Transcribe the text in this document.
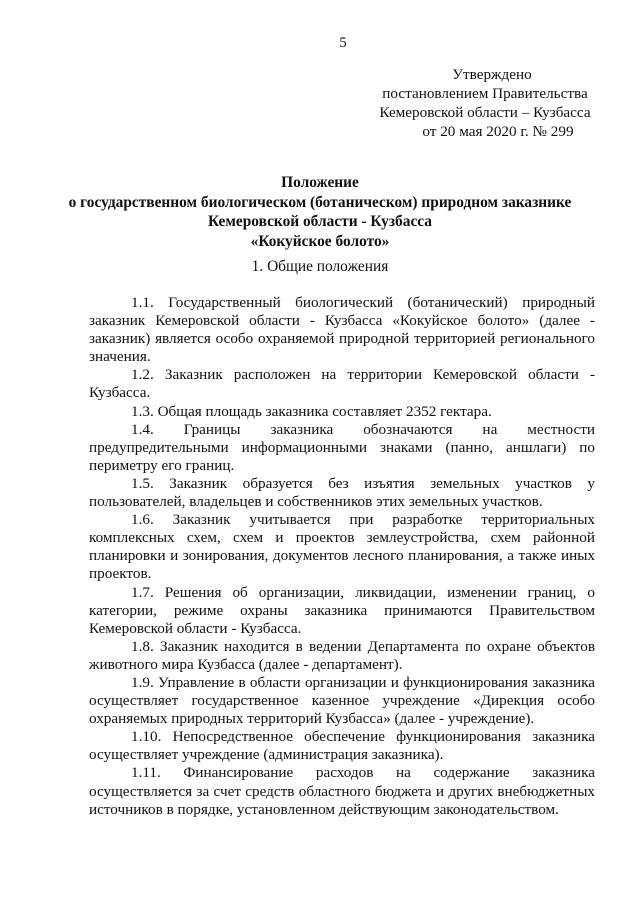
5
Утверждено
постановлением Правительства
Кемеровской области – Кузбасса
от 20 мая 2020 г. № 299
Положение
о государственном биологическом (ботаническом) природном заказнике
Кемеровской области - Кузбасса
«Кокуйское болото»
1. Общие положения

1.1. Государственный биологический (ботанический) природный заказник Кемеровской области - Кузбасса «Кокуйское болото» (далее - заказник) является особо охраняемой природной территорией регионального значения.

1.2. Заказник расположен на территории Кемеровской области - Кузбасса.

1.3. Общая площадь заказника составляет 2352 гектара.

1.4. Границы заказника обозначаются на местности предупредительными информационными знаками (панно, аншлаги) по периметру его границ.

1.5. Заказник образуется без изъятия земельных участков у пользователей, владельцев и собственников этих земельных участков.

1.6. Заказник учитывается при разработке территориальных комплексных схем, схем и проектов землеустройства, схем районной планировки и зонирования, документов лесного планирования, а также иных проектов.

1.7. Решения об организации, ликвидации, изменении границ, о категории, режиме охраны заказника принимаются Правительством Кемеровской области - Кузбасса.

1.8. Заказник находится в ведении Департамента по охране объектов животного мира Кузбасса (далее - департамент).

1.9. Управление в области организации и функционирования заказника осуществляет государственное казенное учреждение «Дирекция особо охраняемых природных территорий Кузбасса» (далее - учреждение).

1.10. Непосредственное обеспечение функционирования заказника осуществляет учреждение (администрация заказника).

1.11. Финансирование расходов на содержание заказника осуществляется за счет средств областного бюджета и других внебюджетных источников в порядке, установленном действующим законодательством.
